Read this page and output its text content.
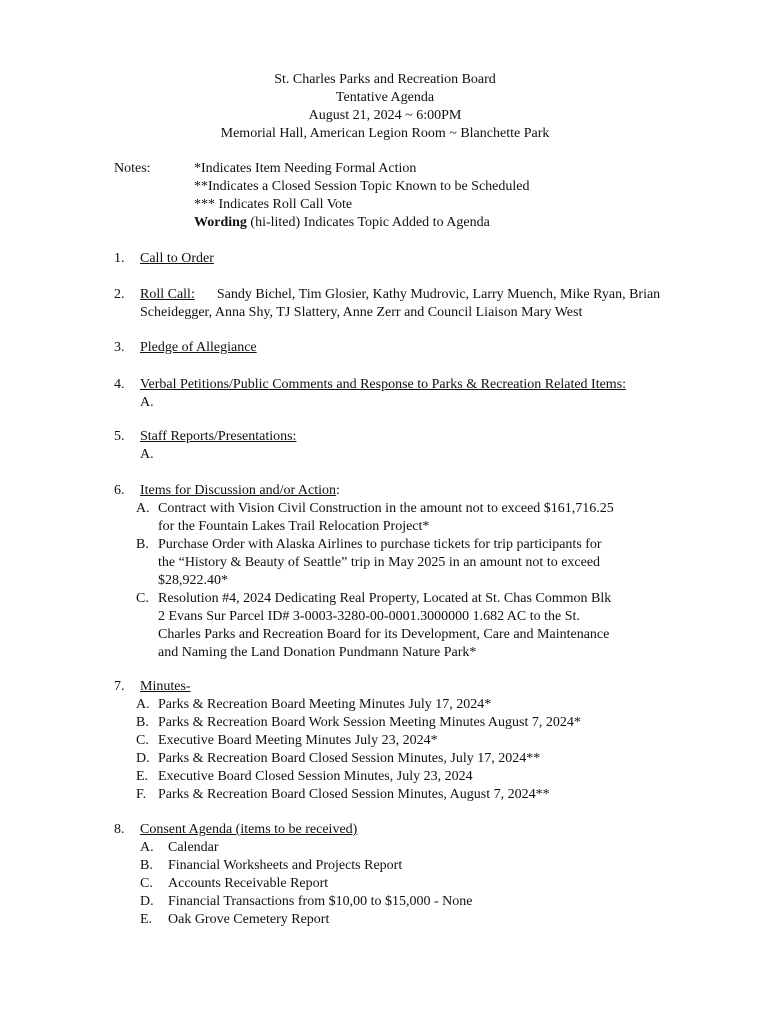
St. Charles Parks and Recreation Board
Tentative Agenda
August 21, 2024 ~ 6:00PM
Memorial Hall, American Legion Room ~ Blanchette Park
Notes:	*Indicates Item Needing Formal Action
**Indicates a Closed Session Topic Known to be Scheduled
*** Indicates Roll Call Vote
Wording (hi-lited) Indicates Topic Added to Agenda
1. Call to Order
2. Roll Call: Sandy Bichel, Tim Glosier, Kathy Mudrovic, Larry Muench, Mike Ryan, Brian
Scheidegger, Anna Shy, TJ Slattery, Anne Zerr and Council Liaison Mary West
3. Pledge of Allegiance
4. Verbal Petitions/Public Comments and Response to Parks & Recreation Related Items:
A.
5. Staff Reports/Presentations:
A.
6. Items for Discussion and/or Action:
A. Contract with Vision Civil Construction in the amount not to exceed $161,716.25
for the Fountain Lakes Trail Relocation Project*
B. Purchase Order with Alaska Airlines to purchase tickets for trip participants for
the “History & Beauty of Seattle” trip in May 2025 in an amount not to exceed
$28,922.40*
C. Resolution #4, 2024 Dedicating Real Property, Located at St. Chas Common Blk
2 Evans Sur Parcel ID# 3-0003-3280-00-0001.3000000 1.682 AC to the St.
Charles Parks and Recreation Board for its Development, Care and Maintenance
and Naming the Land Donation Pundmann Nature Park*
7. Minutes-
A. Parks & Recreation Board Meeting Minutes July 17, 2024*
B. Parks & Recreation Board Work Session Meeting Minutes August 7, 2024*
C. Executive Board Meeting Minutes July 23, 2024*
D. Parks & Recreation Board Closed Session Minutes, July 17, 2024**
E. Executive Board Closed Session Minutes, July 23, 2024
F. Parks & Recreation Board Closed Session Minutes, August 7, 2024**
8. Consent Agenda (items to be received)
A. Calendar
B. Financial Worksheets and Projects Report
C. Accounts Receivable Report
D. Financial Transactions from $10,00 to $15,000 - None
E. Oak Grove Cemetery Report
